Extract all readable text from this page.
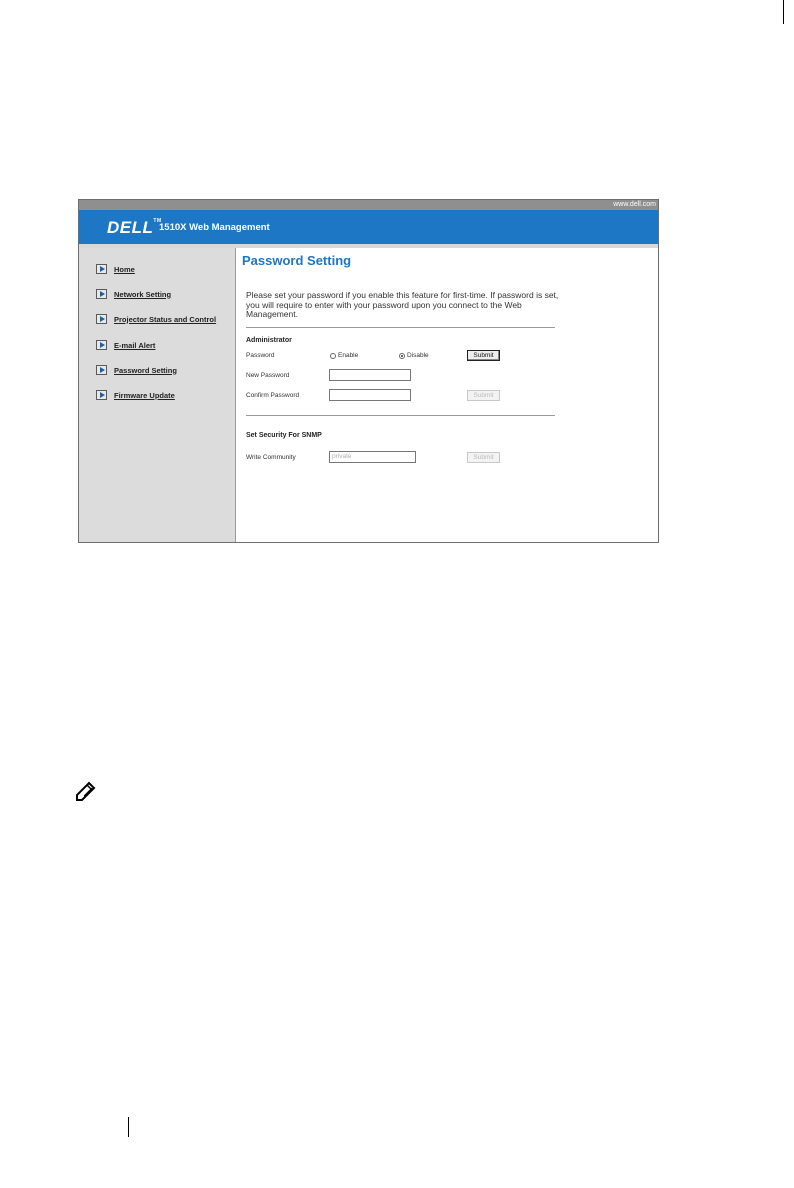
www.dell.com
DELL™
1510X Web Management
Home
Network Setting
Projector Status and Control
E-mail Alert
Password Setting
Firmware Update
Password Setting
Please set your password if you enable this feature for first-time. If password is set, you will require to enter with your password upon you connect to the Web Management.
Administrator
Password	Enable	Disable	Submit
New Password
Confirm Password	Submit
Set Security For SNMP
Write Community	private	Submit
